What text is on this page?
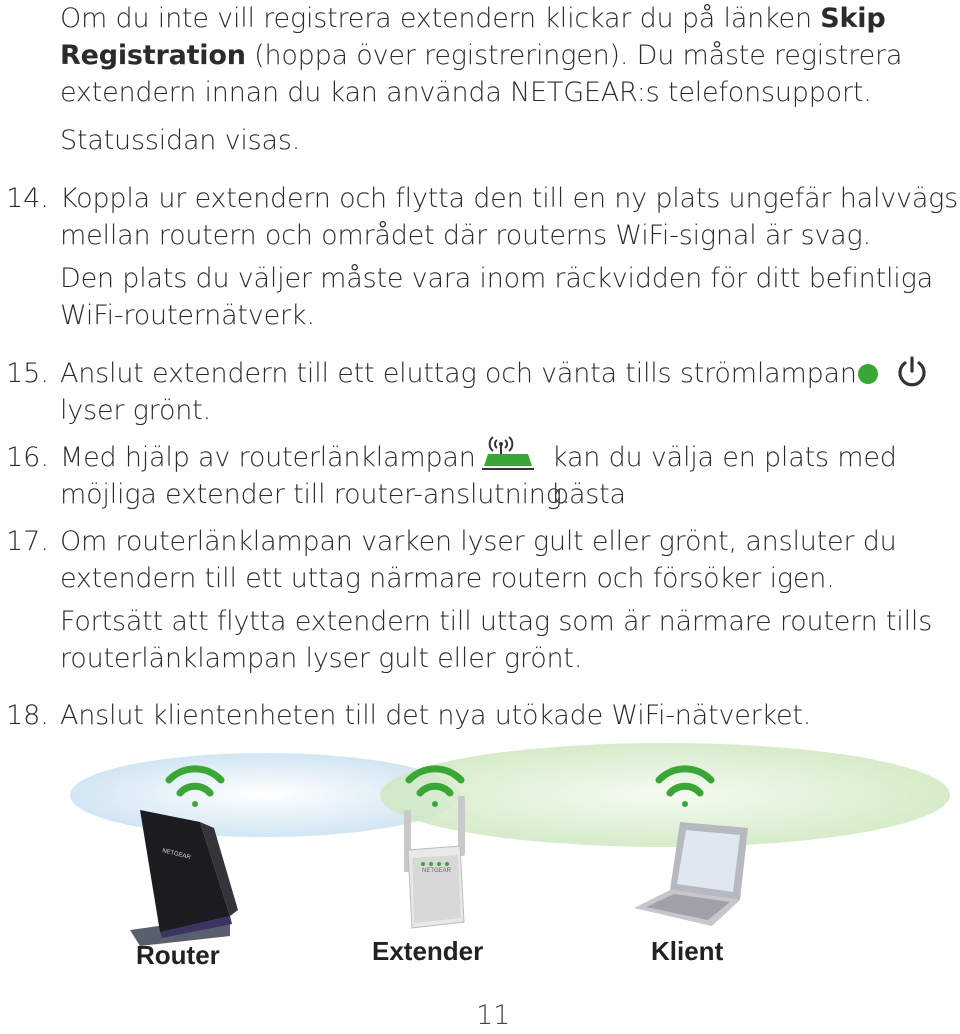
Om du inte vill registrera extendern klickar du på länken Skip
Registration (hoppa över registreringen). Du måste registrera
extendern innan du kan använda NETGEAR:s telefonsupport.
Statussidan visas.
14. Koppla ur extendern och flytta den till en ny plats ungefär halvvägs
mellan routern och området där routerns WiFi-signal är svag.
Den plats du väljer måste vara inom räckvidden för ditt befintliga
WiFi-routernätverk.
15. Anslut extendern till ett eluttag och vänta tills strömlampan
lyser grönt.
16. Med hjälp av routerlänklampan
möjliga extender till router-anslutning.
kan du välja en plats med bästa
17. Om routerlänklampan varken lyser gult eller grönt, ansluter du
extendern till ett uttag närmare routern och försöker igen.
Fortsätt att flytta extendern till uttag som är närmare routern tills
routerlänklampan lyser gult eller grönt.
18. Anslut klientenheten till det nya utökade WiFi-nätverket.
NETGEAR
NETGEAR
Router	Extender	Klient
11
